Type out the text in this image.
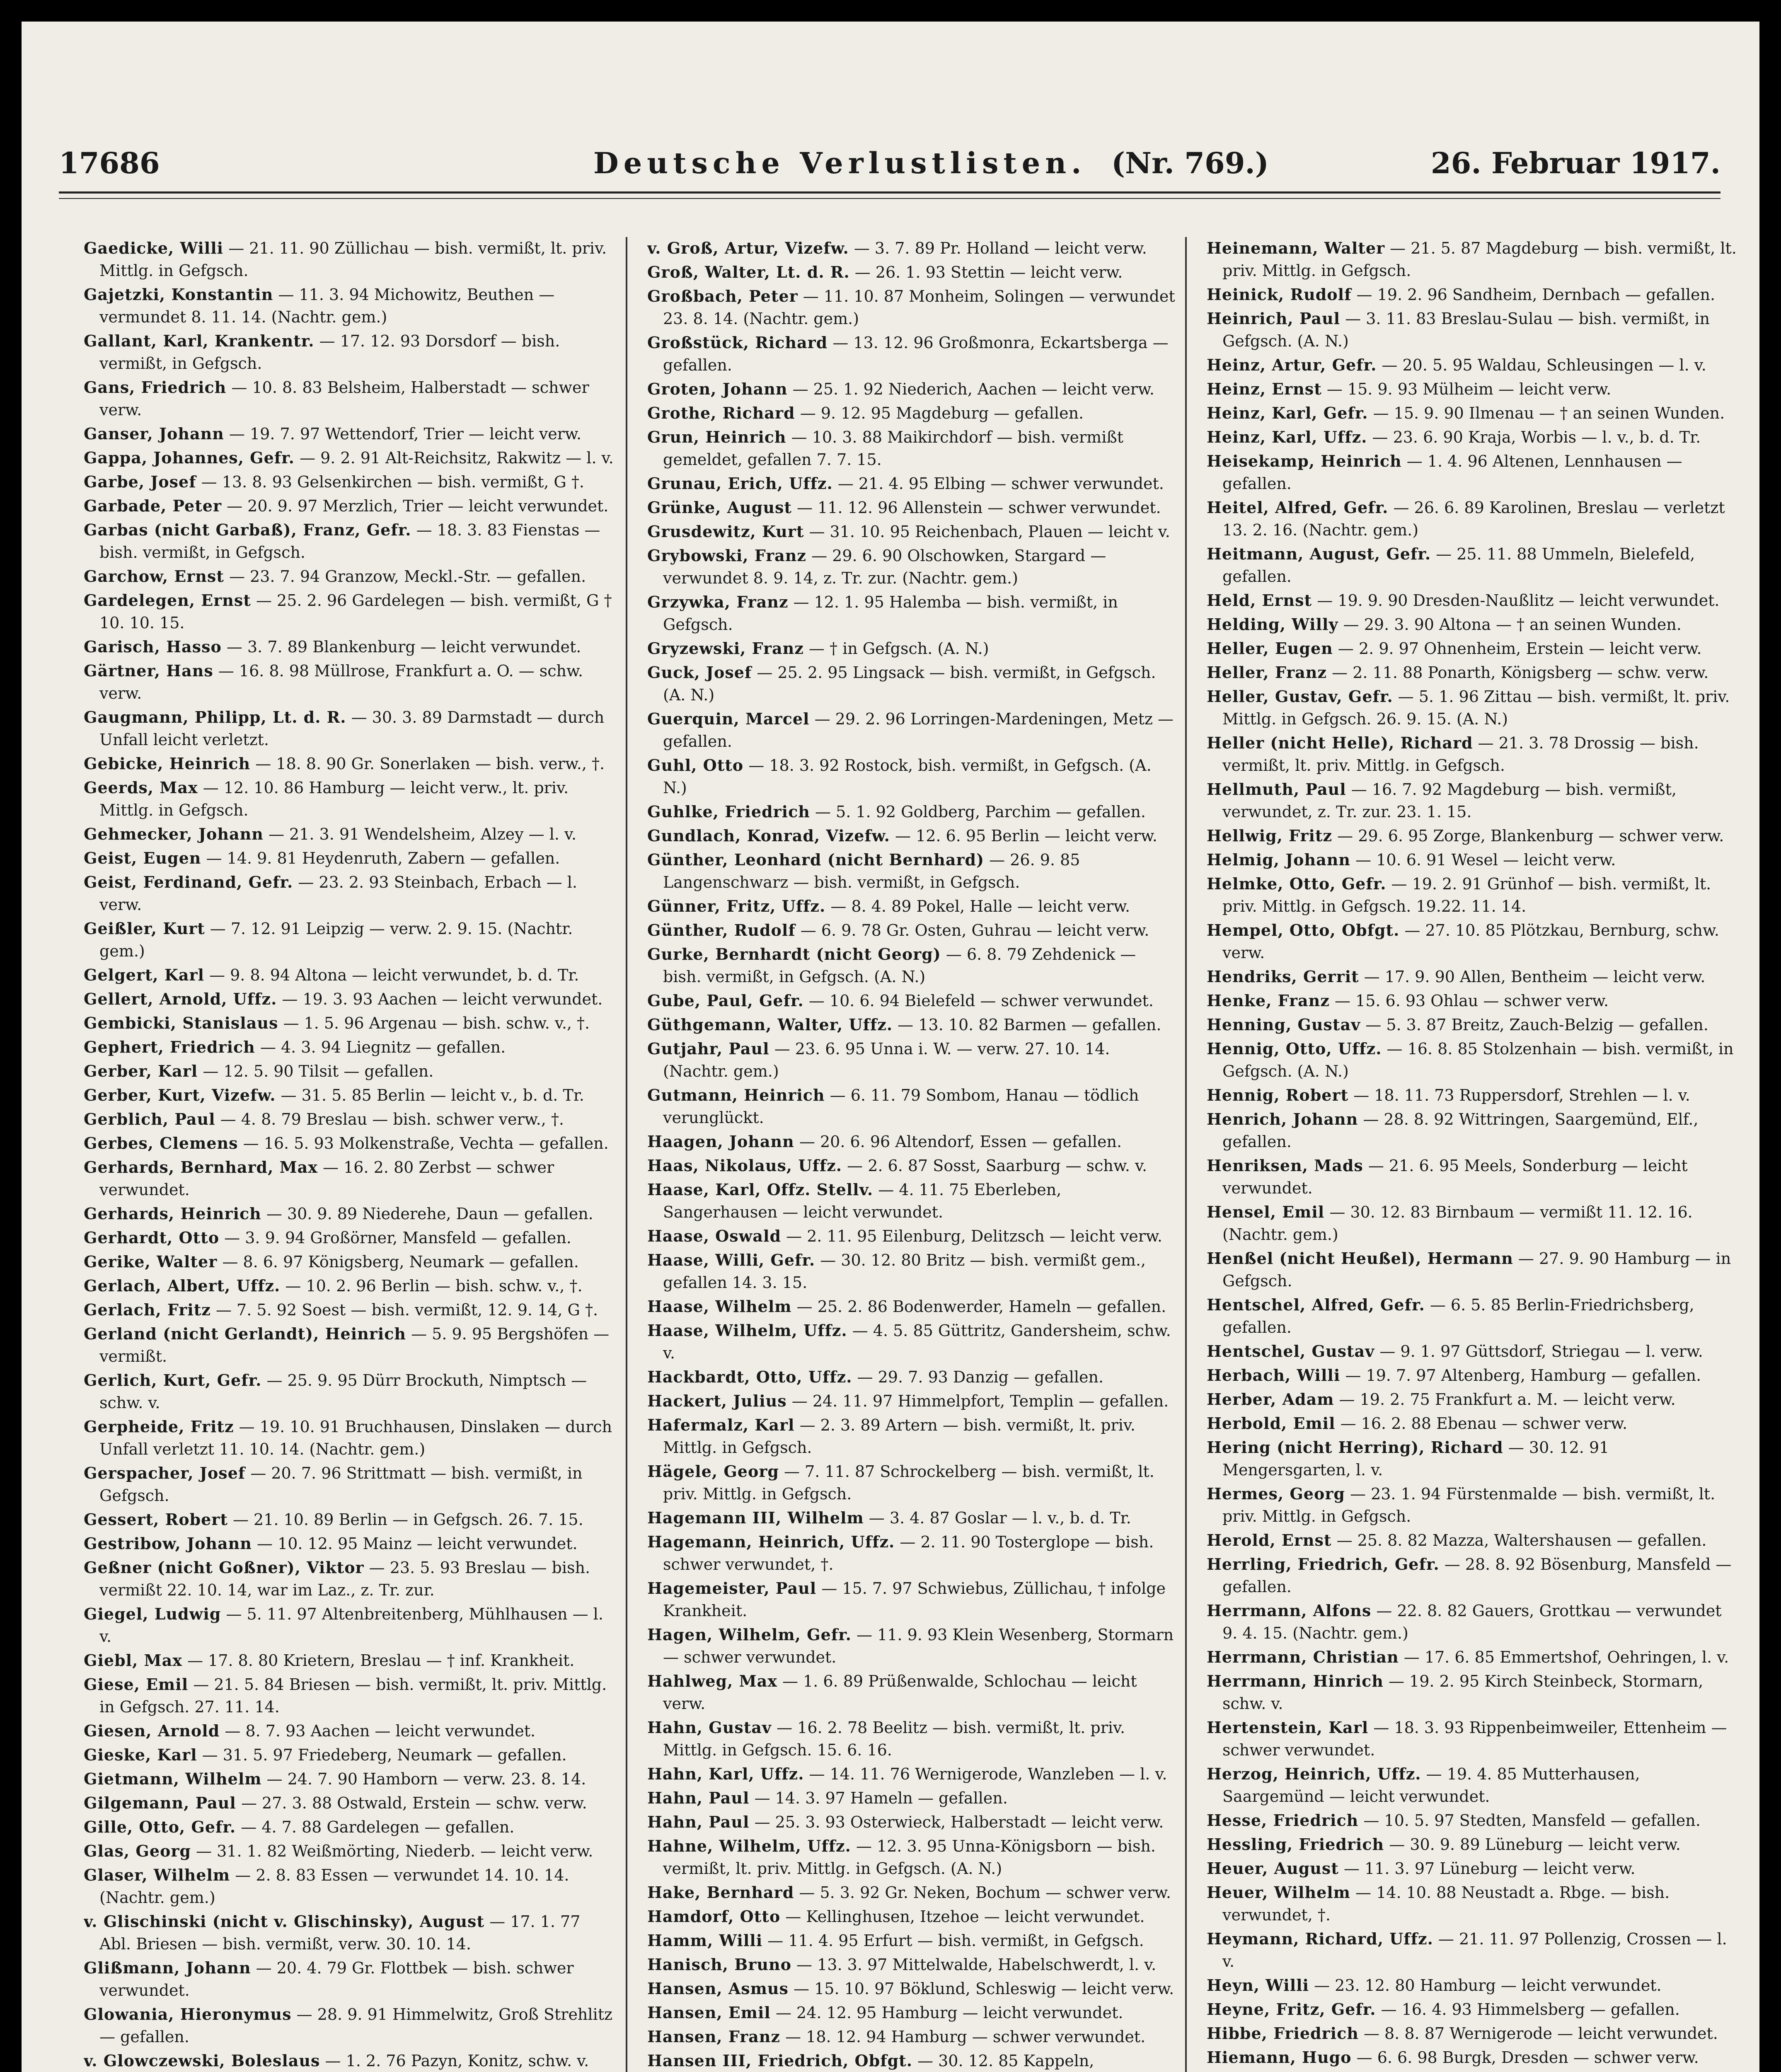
17686	Deutsche Verlustlisten. (Nr. 769.)	26. Februar 1917.

Gaedicke, Willi — 21. 11. 90 Züllichau — bish. vermißt, lt. priv. Mittlg. in Gefgsch.

Gajetzki, Konstantin — 11. 3. 94 Michowitz, Beuthen — vermundet 8. 11. 14. (Nachtr. gem.)

Gallant, Karl, Krankentr. — 17. 12. 93 Dorsdorf — bish. vermißt, in Gefgsch.

Gans, Friedrich — 10. 8. 83 Belsheim, Halberstadt — schwer verw.

Ganser, Johann — 19. 7. 97 Wettendorf, Trier — leicht verw.

Gappa, Johannes, Gefr. — 9. 2. 91 Alt-Reichsitz, Rakwitz — l. v.

Garbe, Josef — 13. 8. 93 Gelsenkirchen — bish. vermißt, G †.

Garbade, Peter — 20. 9. 97 Merzlich, Trier — leicht verwundet.

Garbas (nicht Garbaß), Franz, Gefr. — 18. 3. 83 Fienstas — bish. vermißt, in Gefgsch.

Garchow, Ernst — 23. 7. 94 Granzow, Meckl.-Str. — gefallen.

Gardelegen, Ernst — 25. 2. 96 Gardelegen — bish. vermißt, G † 10. 10. 15.

Garisch, Hasso — 3. 7. 89 Blankenburg — leicht verwundet.

Gärtner, Hans — 16. 8. 98 Müllrose, Frankfurt a. O. — schw. verw.

Gaugmann, Philipp, Lt. d. R. — 30. 3. 89 Darmstadt — durch Unfall leicht verletzt.

Gebicke, Heinrich — 18. 8. 90 Gr. Sonerlaken — bish. verw., †.

Geerds, Max — 12. 10. 86 Hamburg — leicht verw., lt. priv. Mittlg. in Gefgsch.

Gehmecker, Johann — 21. 3. 91 Wendelsheim, Alzey — l. v.

Geist, Eugen — 14. 9. 81 Heydenruth, Zabern — gefallen.

Geist, Ferdinand, Gefr. — 23. 2. 93 Steinbach, Erbach — l. verw.

Geißler, Kurt — 7. 12. 91 Leipzig — verw. 2. 9. 15. (Nachtr. gem.)

Gelgert, Karl — 9. 8. 94 Altona — leicht verwundet, b. d. Tr.

Gellert, Arnold, Uffz. — 19. 3. 93 Aachen — leicht verwundet.

Gembicki, Stanislaus — 1. 5. 96 Argenau — bish. schw. v., †.

Gephert, Friedrich — 4. 3. 94 Liegnitz — gefallen.

Gerber, Karl — 12. 5. 90 Tilsit — gefallen.

Gerber, Kurt, Vizefw. — 31. 5. 85 Berlin — leicht v., b. d. Tr.

Gerblich, Paul — 4. 8. 79 Breslau — bish. schwer verw., †.

Gerbes, Clemens — 16. 5. 93 Molkenstraße, Vechta — gefallen.

Gerhards, Bernhard, Max — 16. 2. 80 Zerbst — schwer verwundet.

Gerhards, Heinrich — 30. 9. 89 Niederehe, Daun — gefallen.

Gerhardt, Otto — 3. 9. 94 Großörner, Mansfeld — gefallen.

Gerike, Walter — 8. 6. 97 Königsberg, Neumark — gefallen.

Gerlach, Albert, Uffz. — 10. 2. 96 Berlin — bish. schw. v., †.

Gerlach, Fritz — 7. 5. 92 Soest — bish. vermißt, 12. 9. 14, G †.

Gerland (nicht Gerlandt), Heinrich — 5. 9. 95 Bergshöfen — vermißt.

Gerlich, Kurt, Gefr. — 25. 9. 95 Dürr Brockuth, Nimptsch — schw. v.

Gerpheide, Fritz — 19. 10. 91 Bruchhausen, Dinslaken — durch Unfall verletzt 11. 10. 14. (Nachtr. gem.)

Gerspacher, Josef — 20. 7. 96 Strittmatt — bish. vermißt, in Gefgsch.

Gessert, Robert — 21. 10. 89 Berlin — in Gefgsch. 26. 7. 15.

Gestribow, Johann — 10. 12. 95 Mainz — leicht verwundet.

Geßner (nicht Goßner), Viktor — 23. 5. 93 Breslau — bish. vermißt 22. 10. 14, war im Laz., z. Tr. zur.

Giegel, Ludwig — 5. 11. 97 Altenbreitenberg, Mühlhausen — l. v.

Giebl, Max — 17. 8. 80 Krietern, Breslau — † inf. Krankheit.

Giese, Emil — 21. 5. 84 Briesen — bish. vermißt, lt. priv. Mittlg. in Gefgsch. 27. 11. 14.

Giesen, Arnold — 8. 7. 93 Aachen — leicht verwundet.

Gieske, Karl — 31. 5. 97 Friedeberg, Neumark — gefallen.

Gietmann, Wilhelm — 24. 7. 90 Hamborn — verw. 23. 8. 14.

Gilgemann, Paul — 27. 3. 88 Ostwald, Erstein — schw. verw.

Gille, Otto, Gefr. — 4. 7. 88 Gardelegen — gefallen.

Glas, Georg — 31. 1. 82 Weißmörting, Niederb. — leicht verw.

Glaser, Wilhelm — 2. 8. 83 Essen — verwundet 14. 10. 14. (Nachtr. gem.)

v. Glischinski (nicht v. Glischinsky), August — 17. 1. 77 Abl. Briesen — bish. vermißt, verw. 30. 10. 14.

Glißmann, Johann — 20. 4. 79 Gr. Flottbek — bish. schwer verwundet.

Glowania, Hieronymus — 28. 9. 91 Himmelwitz, Groß Strehlitz — gefallen.

v. Glowczewski, Boleslaus — 1. 2. 76 Pazyn, Konitz, schw. v.

v. Groß, Artur, Vizefw. — 3. 7. 89 Pr. Holland — leicht verw.

Groß, Walter, Lt. d. R. — 26. 1. 93 Stettin — leicht verw.

Großbach, Peter — 11. 10. 87 Monheim, Solingen — verwundet 23. 8. 14. (Nachtr. gem.)

Großstück, Richard — 13. 12. 96 Großmonra, Eckartsberga — gefallen.

Groten, Johann — 25. 1. 92 Niederich, Aachen — leicht verw.

Grothe, Richard — 9. 12. 95 Magdeburg — gefallen.

Grun, Heinrich — 10. 3. 88 Maikirchdorf — bish. vermißt gemeldet, gefallen 7. 7. 15.

Grunau, Erich, Uffz. — 21. 4. 95 Elbing — schwer verwundet.

Grünke, August — 11. 12. 96 Allenstein — schwer verwundet.

Grusdewitz, Kurt — 31. 10. 95 Reichenbach, Plauen — leicht v.

Grybowski, Franz — 29. 6. 90 Olschowken, Stargard — verwundet 8. 9. 14, z. Tr. zur. (Nachtr. gem.)

Grzywka, Franz — 12. 1. 95 Halemba — bish. vermißt, in Gefgsch.

Gryzewski, Franz — † in Gefgsch. (A. N.)

Guck, Josef — 25. 2. 95 Lingsack — bish. vermißt, in Gefgsch. (A. N.)

Guerquin, Marcel — 29. 2. 96 Lorringen-Mardeningen, Metz — gefallen.

Guhl, Otto — 18. 3. 92 Rostock, bish. vermißt, in Gefgsch. (A. N.)

Guhlke, Friedrich — 5. 1. 92 Goldberg, Parchim — gefallen.

Gundlach, Konrad, Vizefw. — 12. 6. 95 Berlin — leicht verw.

Günther, Leonhard (nicht Bernhard) — 26. 9. 85 Langenschwarz — bish. vermißt, in Gefgsch.

Günner, Fritz, Uffz. — 8. 4. 89 Pokel, Halle — leicht verw.

Günther, Rudolf — 6. 9. 78 Gr. Osten, Guhrau — leicht verw.

Gurke, Bernhardt (nicht Georg) — 6. 8. 79 Zehdenick — bish. vermißt, in Gefgsch. (A. N.)

Gube, Paul, Gefr. — 10. 6. 94 Bielefeld — schwer verwundet.

Güthgemann, Walter, Uffz. — 13. 10. 82 Barmen — gefallen.

Gutjahr, Paul — 23. 6. 95 Unna i. W. — verw. 27. 10. 14. (Nachtr. gem.)

Gutmann, Heinrich — 6. 11. 79 Sombom, Hanau — tödlich verunglückt.

Haagen, Johann — 20. 6. 96 Altendorf, Essen — gefallen.

Haas, Nikolaus, Uffz. — 2. 6. 87 Sosst, Saarburg — schw. v.

Haase, Karl, Offz. Stellv. — 4. 11. 75 Eberleben, Sangerhausen — leicht verwundet.

Haase, Oswald — 2. 11. 95 Eilenburg, Delitzsch — leicht verw.

Haase, Willi, Gefr. — 30. 12. 80 Britz — bish. vermißt gem., gefallen 14. 3. 15.

Haase, Wilhelm — 25. 2. 86 Bodenwerder, Hameln — gefallen.

Haase, Wilhelm, Uffz. — 4. 5. 85 Güttritz, Gandersheim, schw. v.

Hackbardt, Otto, Uffz. — 29. 7. 93 Danzig — gefallen.

Hackert, Julius — 24. 11. 97 Himmelpfort, Templin — gefallen.

Hafermalz, Karl — 2. 3. 89 Artern — bish. vermißt, lt. priv. Mittlg. in Gefgsch.

Hägele, Georg — 7. 11. 87 Schrockelberg — bish. vermißt, lt. priv. Mittlg. in Gefgsch.

Hagemann III, Wilhelm — 3. 4. 87 Goslar — l. v., b. d. Tr.

Hagemann, Heinrich, Uffz. — 2. 11. 90 Tosterglope — bish. schwer verwundet, †.

Hagemeister, Paul — 15. 7. 97 Schwiebus, Züllichau, † infolge Krankheit.

Hagen, Wilhelm, Gefr. — 11. 9. 93 Klein Wesenberg, Stormarn — schwer verwundet.

Hahlweg, Max — 1. 6. 89 Prüßenwalde, Schlochau — leicht verw.

Hahn, Gustav — 16. 2. 78 Beelitz — bish. vermißt, lt. priv. Mittlg. in Gefgsch. 15. 6. 16.

Hahn, Karl, Uffz. — 14. 11. 76 Wernigerode, Wanzleben — l. v.

Hahn, Paul — 14. 3. 97 Hameln — gefallen.

Hahn, Paul — 25. 3. 93 Osterwieck, Halberstadt — leicht verw.

Hahne, Wilhelm, Uffz. — 12. 3. 95 Unna-Königsborn — bish. vermißt, lt. priv. Mittlg. in Gefgsch. (A. N.)

Hake, Bernhard — 5. 3. 92 Gr. Neken, Bochum — schwer verw.

Hamdorf, Otto — Kellinghusen, Itzehoe — leicht verwundet.

Hamm, Willi — 11. 4. 95 Erfurt — bish. vermißt, in Gefgsch.

Hanisch, Bruno — 13. 3. 97 Mittelwalde, Habelschwerdt, l. v.

Hansen, Asmus — 15. 10. 97 Böklund, Schleswig — leicht verw.

Hansen, Emil — 24. 12. 95 Hamburg — leicht verwundet.

Hansen, Franz — 18. 12. 94 Hamburg — schwer verwundet.

Hansen III, Friedrich, Obfgt. — 30. 12. 85 Kappeln,

Heinemann, Walter — 21. 5. 87 Magdeburg — bish. vermißt, lt. priv. Mittlg. in Gefgsch.

Heinick, Rudolf — 19. 2. 96 Sandheim, Dernbach — gefallen.

Heinrich, Paul — 3. 11. 83 Breslau-Sulau — bish. vermißt, in Gefgsch. (A. N.)

Heinz, Artur, Gefr. — 20. 5. 95 Waldau, Schleusingen — l. v.

Heinz, Ernst — 15. 9. 93 Mülheim — leicht verw.

Heinz, Karl, Gefr. — 15. 9. 90 Ilmenau — † an seinen Wunden.

Heinz, Karl, Uffz. — 23. 6. 90 Kraja, Worbis — l. v., b. d. Tr.

Heisekamp, Heinrich — 1. 4. 96 Altenen, Lennhausen — gefallen.

Heitel, Alfred, Gefr. — 26. 6. 89 Karolinen, Breslau — verletzt 13. 2. 16. (Nachtr. gem.)

Heitmann, August, Gefr. — 25. 11. 88 Ummeln, Bielefeld, gefallen.

Held, Ernst — 19. 9. 90 Dresden-Naußlitz — leicht verwundet.

Helding, Willy — 29. 3. 90 Altona — † an seinen Wunden.

Heller, Eugen — 2. 9. 97 Ohnenheim, Erstein — leicht verw.

Heller, Franz — 2. 11. 88 Ponarth, Königsberg — schw. verw.

Heller, Gustav, Gefr. — 5. 1. 96 Zittau — bish. vermißt, lt. priv. Mittlg. in Gefgsch. 26. 9. 15. (A. N.)

Heller (nicht Helle), Richard — 21. 3. 78 Drossig — bish. vermißt, lt. priv. Mittlg. in Gefgsch.

Hellmuth, Paul — 16. 7. 92 Magdeburg — bish. vermißt, verwundet, z. Tr. zur. 23. 1. 15.

Hellwig, Fritz — 29. 6. 95 Zorge, Blankenburg — schwer verw.

Helmig, Johann — 10. 6. 91 Wesel — leicht verw.

Helmke, Otto, Gefr. — 19. 2. 91 Grünhof — bish. vermißt, lt. priv. Mittlg. in Gefgsch. 19.22. 11. 14.

Hempel, Otto, Obfgt. — 27. 10. 85 Plötzkau, Bernburg, schw. verw.

Hendriks, Gerrit — 17. 9. 90 Allen, Bentheim — leicht verw.

Henke, Franz — 15. 6. 93 Ohlau — schwer verw.

Henning, Gustav — 5. 3. 87 Breitz, Zauch-Belzig — gefallen.

Hennig, Otto, Uffz. — 16. 8. 85 Stolzenhain — bish. vermißt, in Gefgsch. (A. N.)

Hennig, Robert — 18. 11. 73 Ruppersdorf, Strehlen — l. v.

Henrich, Johann — 28. 8. 92 Wittringen, Saargemünd, Elf., gefallen.

Henriksen, Mads — 21. 6. 95 Meels, Sonderburg — leicht verwundet.

Hensel, Emil — 30. 12. 83 Birnbaum — vermißt 11. 12. 16. (Nachtr. gem.)

Henßel (nicht Heußel), Hermann — 27. 9. 90 Hamburg — in Gefgsch.

Hentschel, Alfred, Gefr. — 6. 5. 85 Berlin-Friedrichsberg, gefallen.

Hentschel, Gustav — 9. 1. 97 Güttsdorf, Striegau — l. verw.

Herbach, Willi — 19. 7. 97 Altenberg, Hamburg — gefallen.

Herber, Adam — 19. 2. 75 Frankfurt a. M. — leicht verw.

Herbold, Emil — 16. 2. 88 Ebenau — schwer verw.

Hering (nicht Herring), Richard — 30. 12. 91 Mengersgarten, l. v.

Hermes, Georg — 23. 1. 94 Fürstenmalde — bish. vermißt, lt. priv. Mittlg. in Gefgsch.

Herold, Ernst — 25. 8. 82 Mazza, Waltershausen — gefallen.

Herrling, Friedrich, Gefr. — 28. 8. 92 Bösenburg, Mansfeld — gefallen.

Herrmann, Alfons — 22. 8. 82 Gauers, Grottkau — verwundet 9. 4. 15. (Nachtr. gem.)

Herrmann, Christian — 17. 6. 85 Emmertshof, Oehringen, l. v.

Herrmann, Hinrich — 19. 2. 95 Kirch Steinbeck, Stormarn, schw. v.

Hertenstein, Karl — 18. 3. 93 Rippenbeimweiler, Ettenheim — schwer verwundet.

Herzog, Heinrich, Uffz. — 19. 4. 85 Mutterhausen, Saargemünd — leicht verwundet.

Hesse, Friedrich — 10. 5. 97 Stedten, Mansfeld — gefallen.

Hessling, Friedrich — 30. 9. 89 Lüneburg — leicht verw.

Heuer, August — 11. 3. 97 Lüneburg — leicht verw.

Heuer, Wilhelm — 14. 10. 88 Neustadt a. Rbge. — bish. verwundet, †.

Heymann, Richard, Uffz. — 21. 11. 97 Pollenzig, Crossen — l. v.

Heyn, Willi — 23. 12. 80 Hamburg — leicht verwundet.

Heyne, Fritz, Gefr. — 16. 4. 93 Himmelsberg — gefallen.

Hibbe, Friedrich — 8. 8. 87 Wernigerode — leicht verwundet.

Hiemann, Hugo — 6. 6. 98 Burgk, Dresden — schwer verw.
